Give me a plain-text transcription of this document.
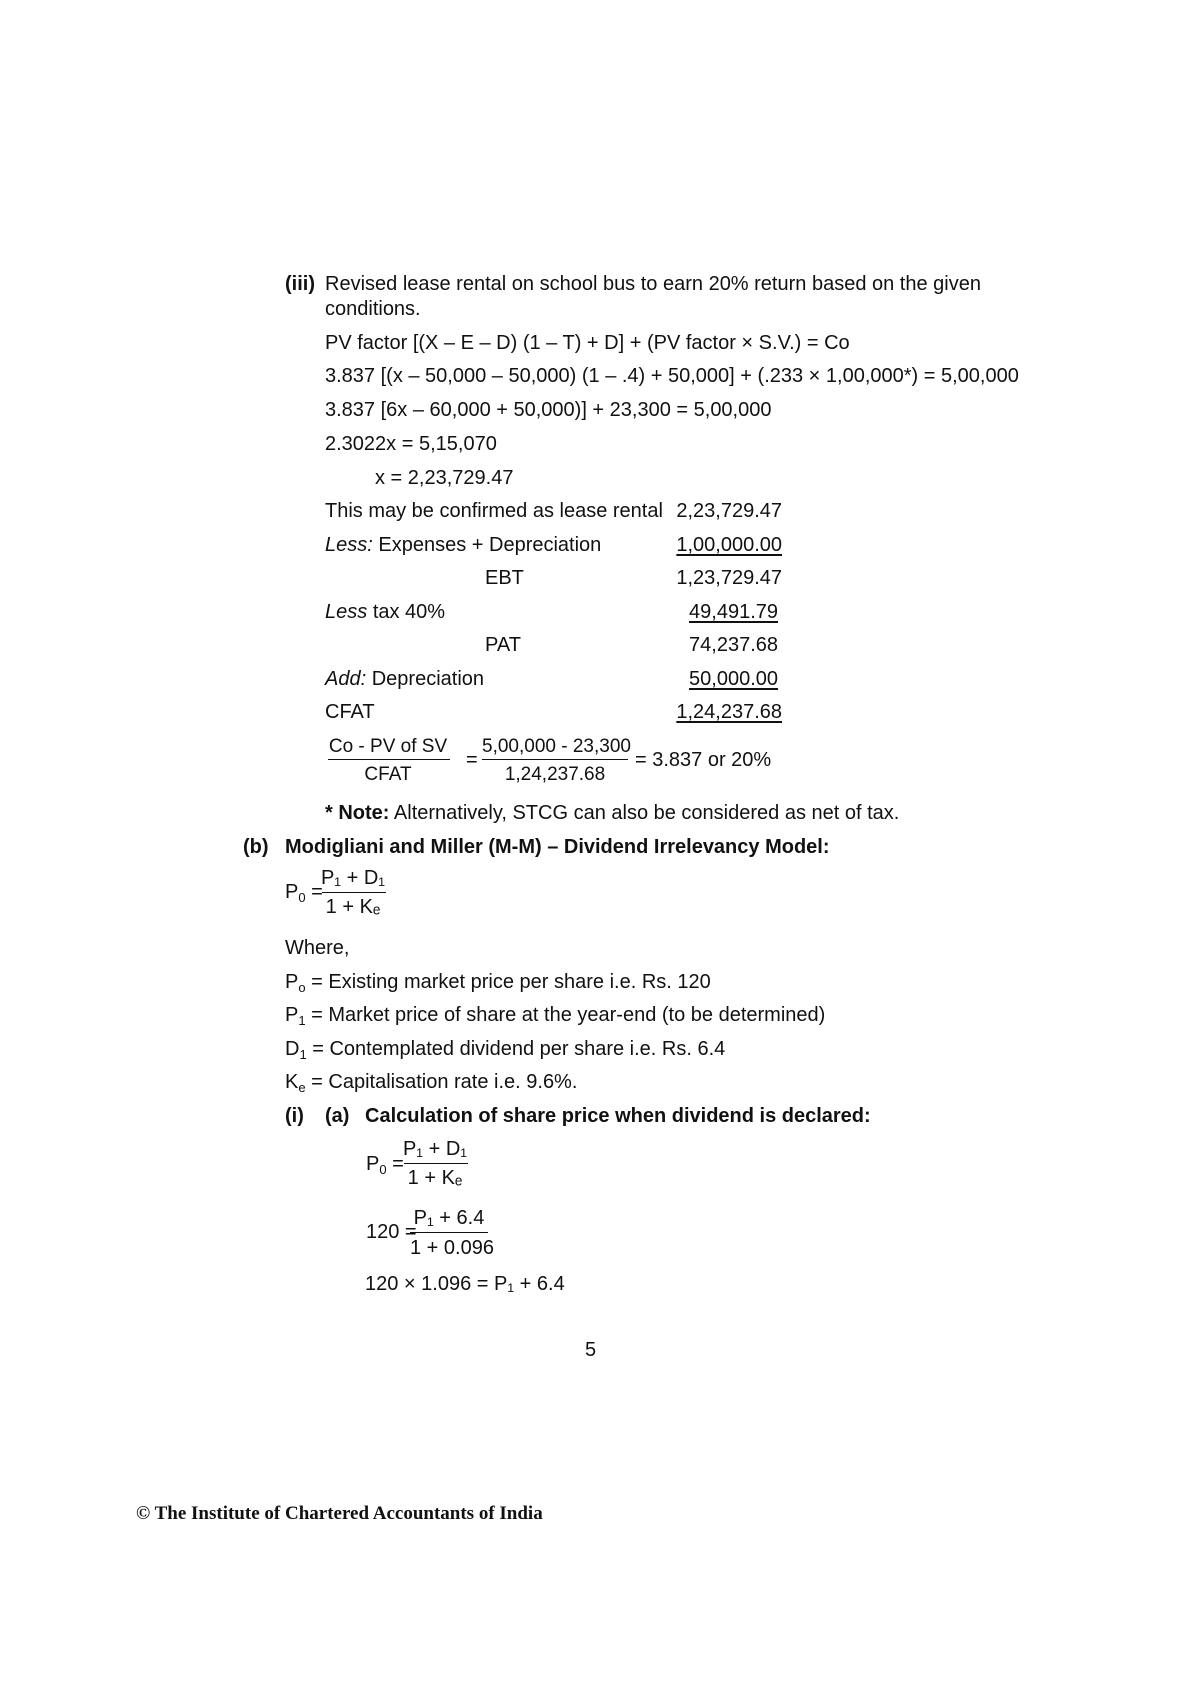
(iii) Revised lease rental on school bus to earn 20% return based on the given
conditions.
PV factor [(X – E – D) (1 – T) + D] + (PV factor × S.V.) = Co
3.837 [(x – 50,000 – 50,000) (1 – .4) + 50,000] + (.233 × 1,00,000*) = 5,00,000
3.837 [6x – 60,000 + 50,000)] + 23,300 = 5,00,000
2.3022x = 5,15,070
x = 2,23,729.47
This may be confirmed as lease rental 2,23,729.47
Less: Expenses + Depreciation	1,00,000.00
EBT	1,23,729.47
Less tax 40%	49,491.79
PAT	74,237.68
Add: Depreciation	50,000.00
CFAT	1,24,237.68
Co - PV of SV
CFAT
=
5,00,000 - 23,300
1,24,237.68
= 3.837 or 20%
* Note: Alternatively, STCG can also be considered as net of tax.
(b) Modigliani and Miller (M-M) – Dividend Irrelevancy Model:
$P_0$ =
P₁ + D₁
1 + Kₑ
Where,
$P_o$ = Existing market price per share i.e. Rs. 120
$P_1$ = Market price of share at the year-end (to be determined)
$D_1$ = Contemplated dividend per share i.e. Rs. 6.4
$K_e$ = Capitalisation rate i.e. 9.6%.
(i) (a) Calculation of share price when dividend is declared:
$P_0$ =
P₁ + D₁
1 + Kₑ
120 =
P₁ + 6.4
1 + 0.096
120 × 1.096 = P₁ + 6.4
5
© The Institute of Chartered Accountants of India
